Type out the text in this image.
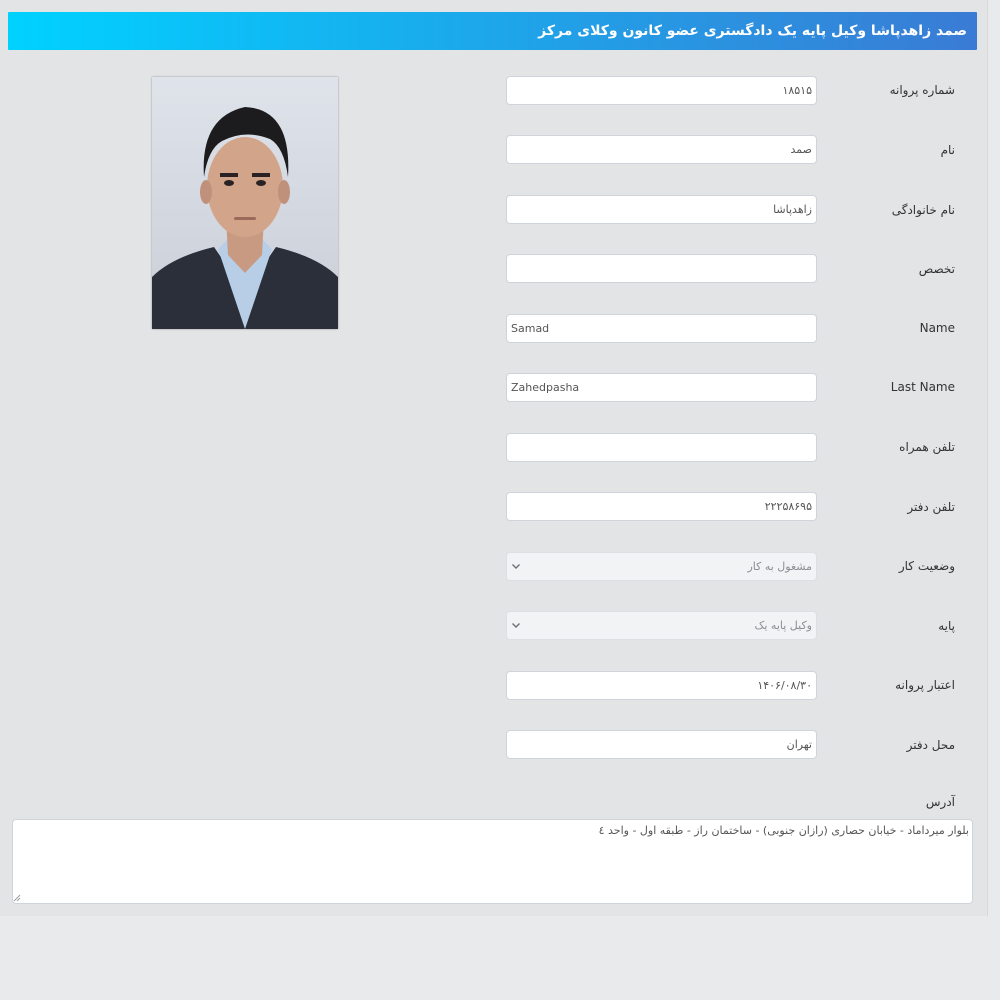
صمد زاهدپاشا وکیل پایه یک دادگستری عضو کانون وکلای مرکز
شماره پروانه
۱۸۵۱۵
نام
صمد
نام خانوادگی
زاهدپاشا
تخصص
Name
Samad
Last Name
Zahedpasha
تلفن همراه
تلفن دفتر
۲۲۲۵۸۶۹۵
وضعیت کار
مشغول به کار
پایه
وکیل پایه یک
اعتبار پروانه
۱۴۰۶/۰۸/۳۰
محل دفتر
تهران
آدرس
بلوار میرداماد - خیابان حصاری (رازان جنوبی) - ساختمان راز - طبقه اول - واحد ٤
